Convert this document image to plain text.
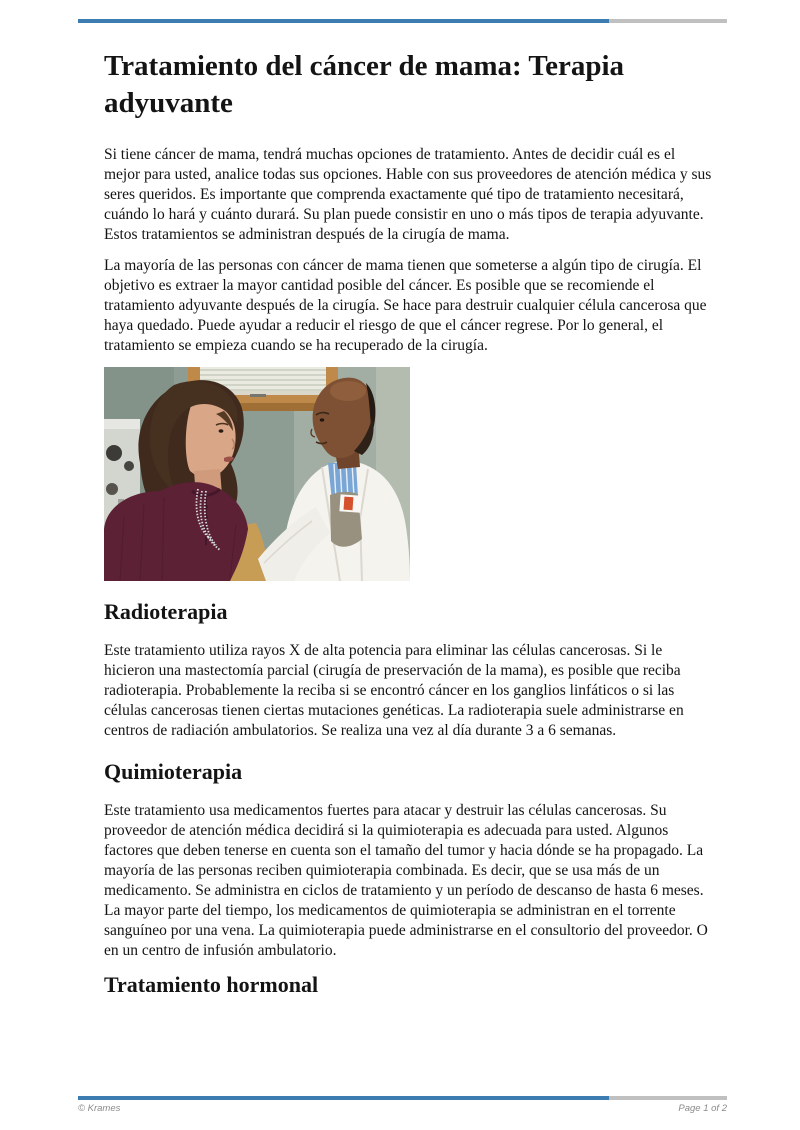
Tratamiento del cáncer de mama: Terapia adyuvante

Si tiene cáncer de mama, tendrá muchas opciones de tratamiento. Antes de decidir cuál es el mejor para usted, analice todas sus opciones. Hable con sus proveedores de atención médica y sus seres queridos. Es importante que comprenda exactamente qué tipo de tratamiento necesitará, cuándo lo hará y cuánto durará. Su plan puede consistir en uno o más tipos de terapia adyuvante. Estos tratamientos se administran después de la cirugía de mama.

La mayoría de las personas con cáncer de mama tienen que someterse a algún tipo de cirugía. El objetivo es extraer la mayor cantidad posible del cáncer. Es posible que se recomiende el tratamiento adyuvante después de la cirugía. Se hace para destruir cualquier célula cancerosa que haya quedado. Puede ayudar a reducir el riesgo de que el cáncer regrese. Por lo general, el tratamiento se empieza cuando se ha recuperado de la cirugía.

Radioterapia

Este tratamiento utiliza rayos X de alta potencia para eliminar las células cancerosas. Si le hicieron una mastectomía parcial (cirugía de preservación de la mama), es posible que reciba radioterapia. Probablemente la reciba si se encontró cáncer en los ganglios linfáticos o si las células cancerosas tienen ciertas mutaciones genéticas. La radioterapia suele administrarse en centros de radiación ambulatorios. Se realiza una vez al día durante 3 a 6 semanas.

Quimioterapia

Este tratamiento usa medicamentos fuertes para atacar y destruir las células cancerosas. Su proveedor de atención médica decidirá si la quimioterapia es adecuada para usted. Algunos factores que deben tenerse en cuenta son el tamaño del tumor y hacia dónde se ha propagado. La mayoría de las personas reciben quimioterapia combinada. Es decir, que se usa más de un medicamento. Se administra en ciclos de tratamiento y un período de descanso de hasta 6 meses. La mayor parte del tiempo, los medicamentos de quimioterapia se administran en el torrente sanguíneo por una vena. La quimioterapia puede administrarse en el consultorio del proveedor. O en un centro de infusión ambulatorio.

Tratamiento hormonal
© Krames	Page 1 of 2
